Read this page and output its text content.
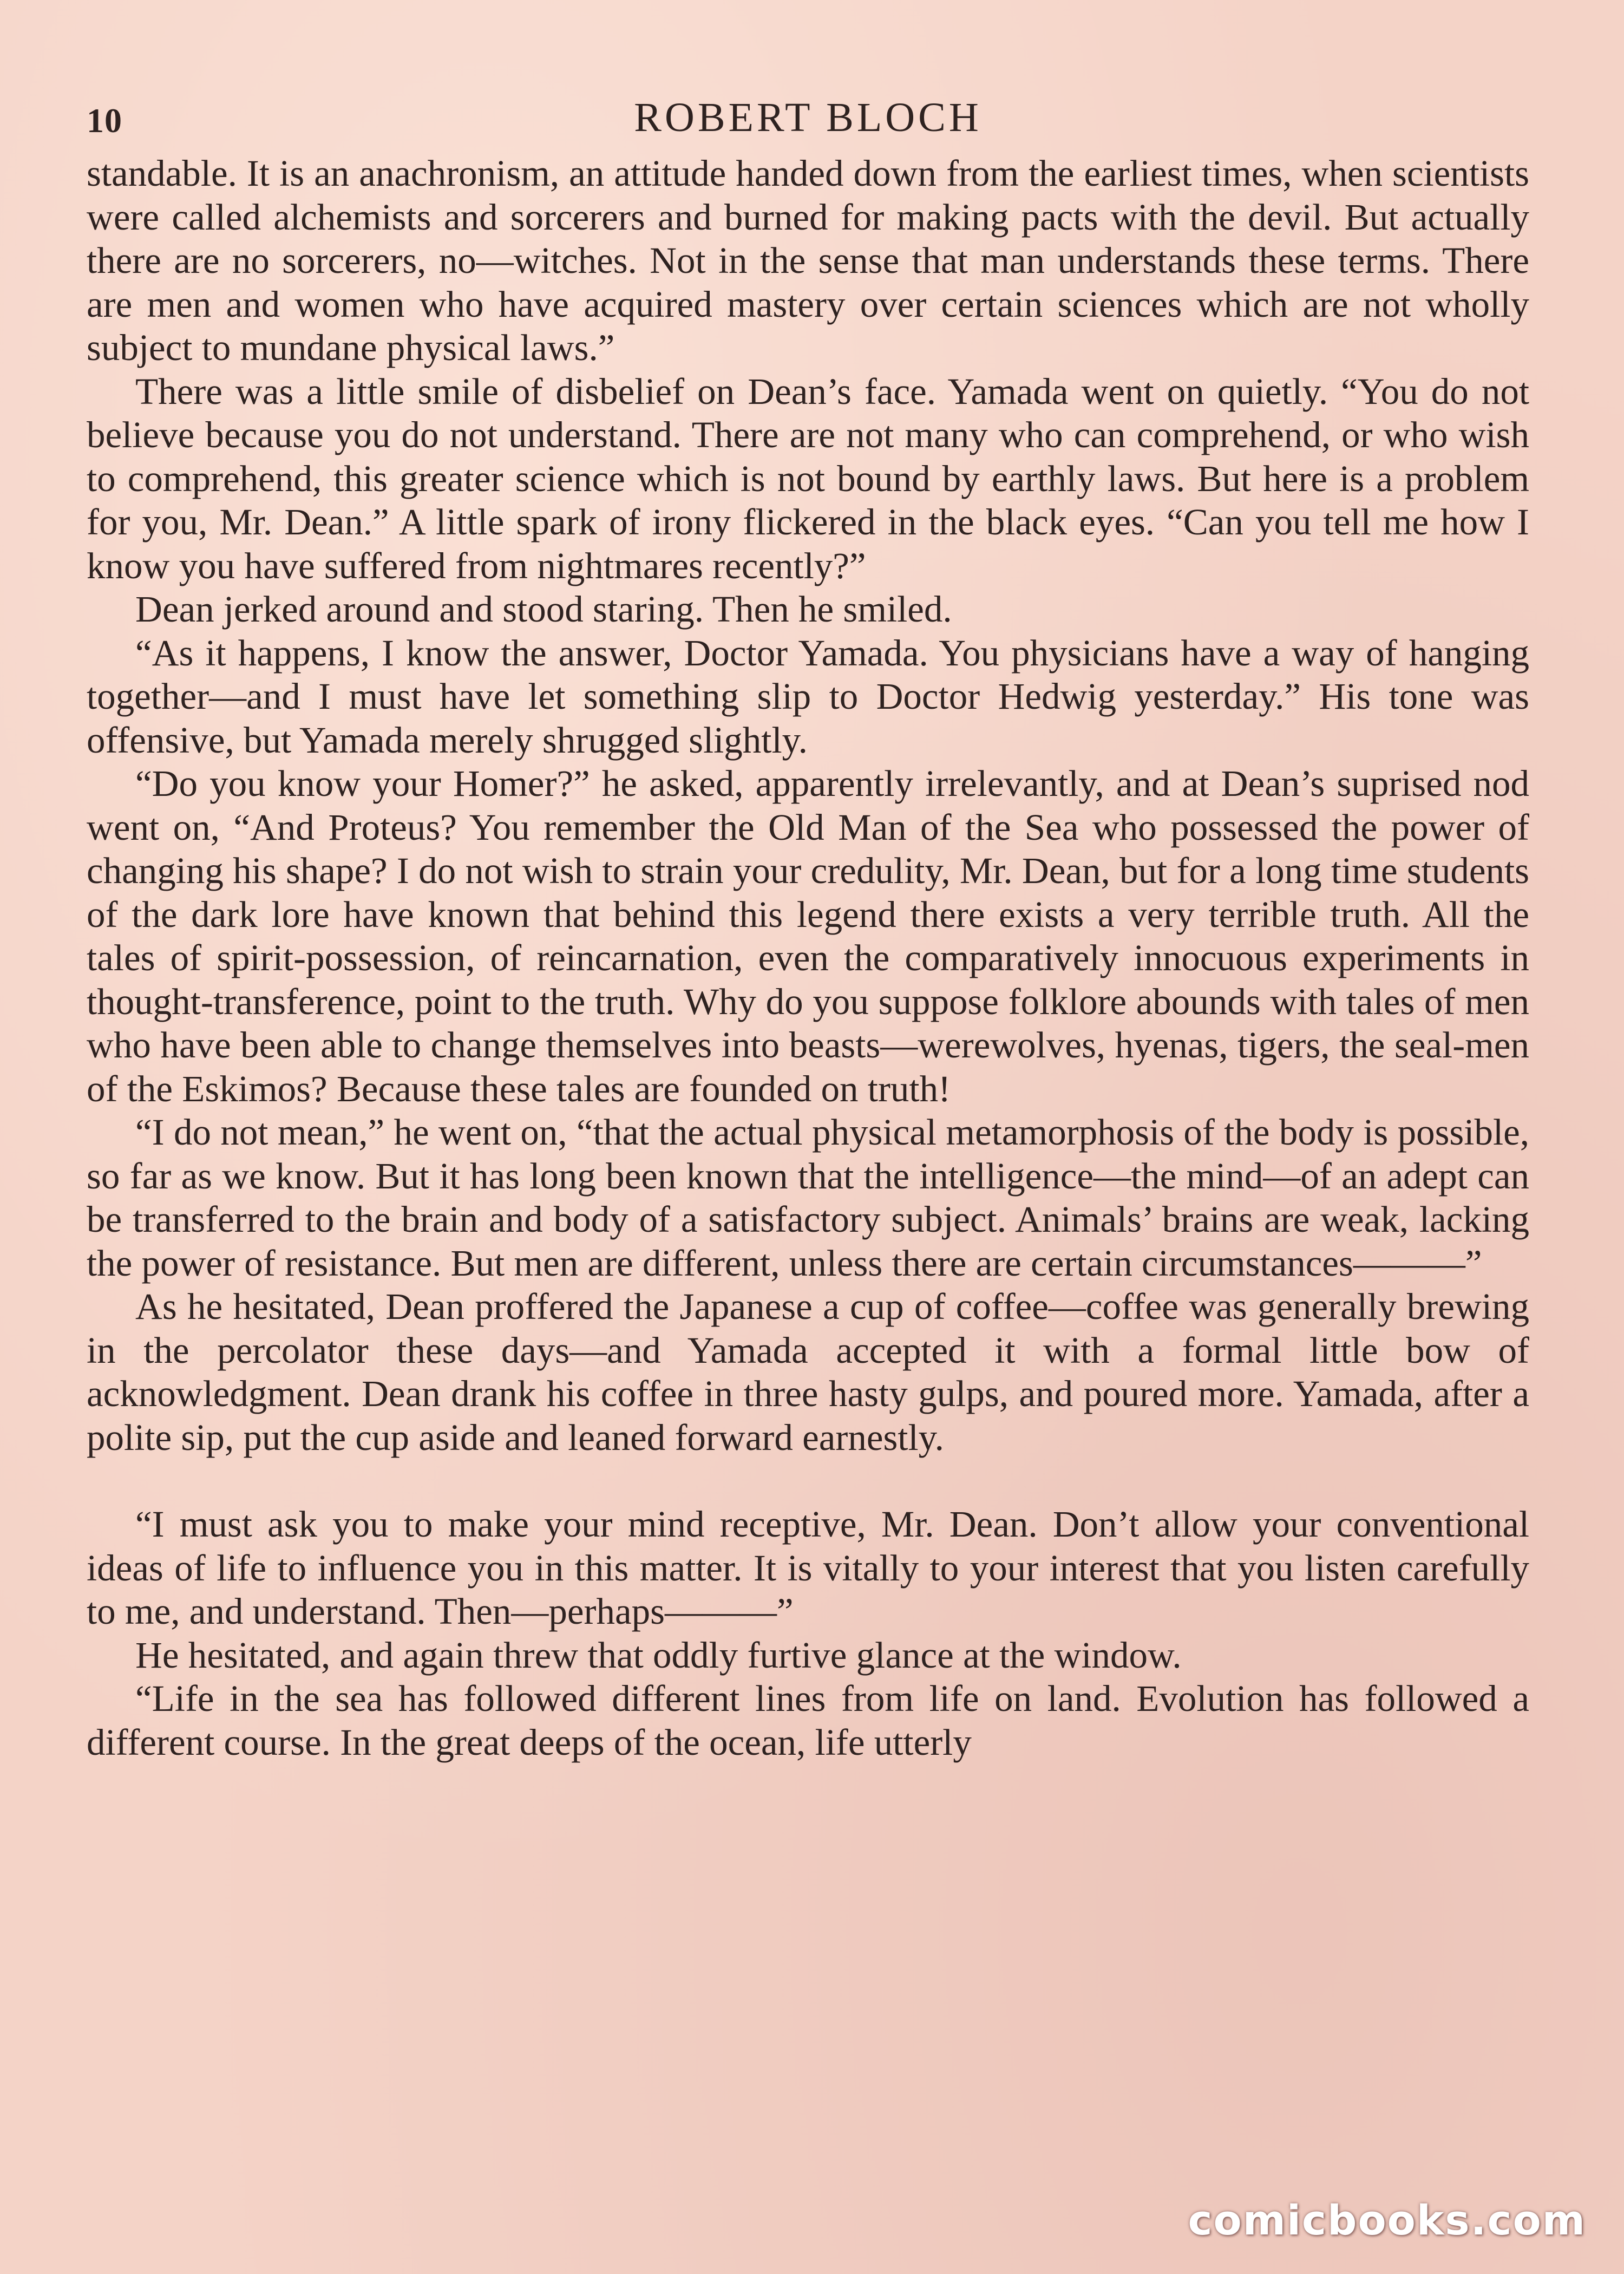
10	ROBERT BLOCH

standable. It is an anachronism, an attitude handed down from the earliest times, when scientists were called alchemists and sorcerers and burned for making pacts with the devil. But actually there are no sorcerers, no—witches. Not in the sense that man understands these terms. There are men and women who have acquired mastery over certain sciences which are not wholly subject to mundane physical laws.”

There was a little smile of disbelief on Dean’s face. Yamada went on quietly. “You do not believe because you do not understand. There are not many who can comprehend, or who wish to comprehend, this greater science which is not bound by earthly laws. But here is a problem for you, Mr. Dean.” A little spark of irony flickered in the black eyes. “Can you tell me how I know you have suffered from nightmares recently?”

Dean jerked around and stood staring. Then he smiled.

“As it happens, I know the answer, Doctor Yamada. You physicians have a way of hanging together—and I must have let something slip to Doctor Hedwig yesterday.” His tone was offensive, but Yamada merely shrugged slightly.

“Do you know your Homer?” he asked, apparently irrelevantly, and at Dean’s suprised nod went on, “And Proteus? You remember the Old Man of the Sea who possessed the power of changing his shape? I do not wish to strain your credulity, Mr. Dean, but for a long time students of the dark lore have known that behind this legend there exists a very terrible truth. All the tales of spirit-possession, of reincarnation, even the comparatively innocuous experiments in thought-transference, point to the truth. Why do you suppose folklore abounds with tales of men who have been able to change themselves into beasts—werewolves, hyenas, tigers, the seal-men of the Eskimos? Because these tales are founded on truth!

“I do not mean,” he went on, “that the actual physical metamorphosis of the body is possible, so far as we know. But it has long been known that the intelligence—the mind—of an adept can be transferred to the brain and body of a satisfactory subject. Animals’ brains are weak, lacking the power of resistance. But men are different, unless there are certain circumstances———”

As he hesitated, Dean proffered the Japanese a cup of coffee—coffee was generally brewing in the percolator these days—and Yamada accepted it with a formal little bow of acknowledgment. Dean drank his coffee in three hasty gulps, and poured more. Yamada, after a polite sip, put the cup aside and leaned forward earnestly.

“I must ask you to make your mind receptive, Mr. Dean. Don’t allow your conventional ideas of life to influence you in this matter. It is vitally to your interest that you listen carefully to me, and understand. Then—perhaps———”

He hesitated, and again threw that oddly furtive glance at the window.

“Life in the sea has followed different lines from life on land. Evolution has followed a different course. In the great deeps of the ocean, life utterly

comicbooks.com
